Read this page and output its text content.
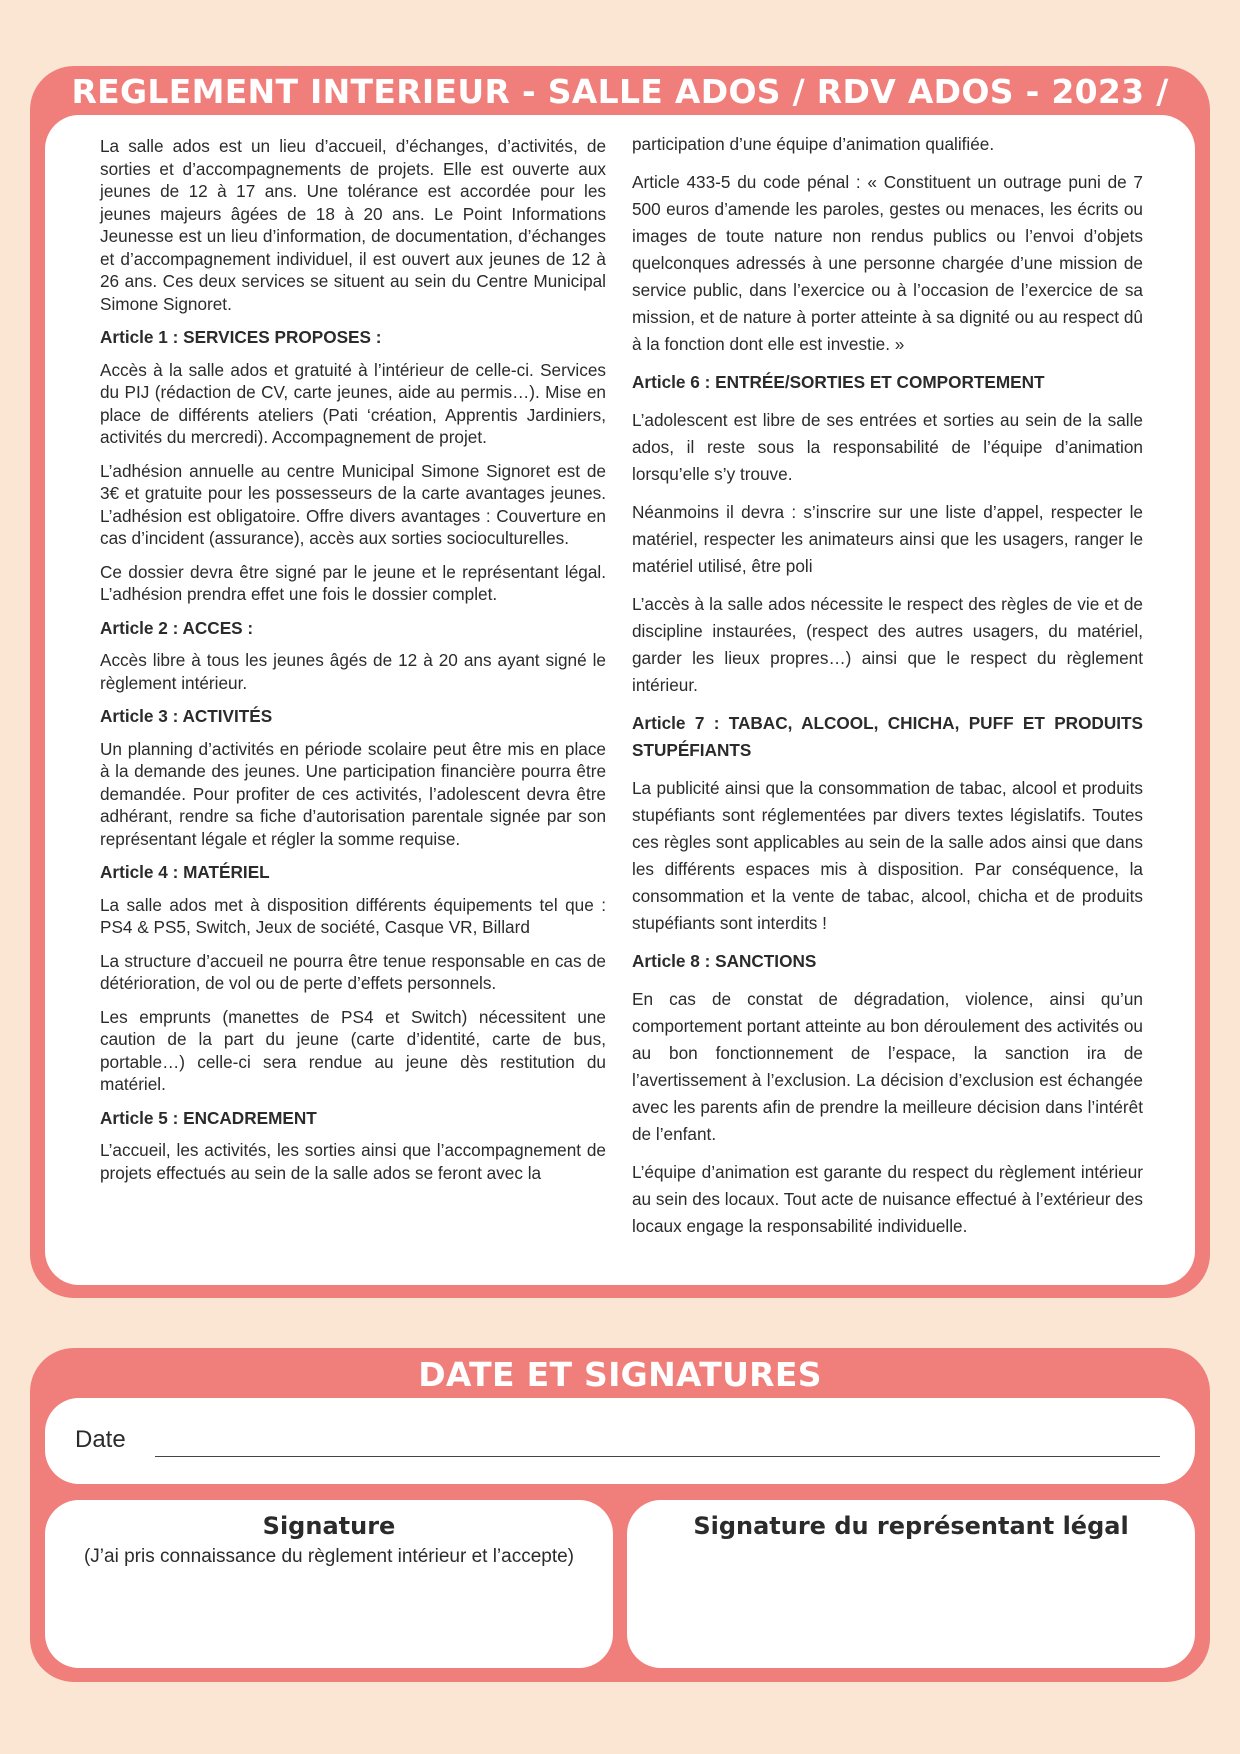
REGLEMENT INTERIEUR - SALLE ADOS / RDV ADOS - 2023 /

La salle ados est un lieu d’accueil, d’échanges, d’activités, de sorties et d’accompagnements de projets. Elle est ouverte aux jeunes de 12 à 17 ans. Une tolérance est accordée pour les jeunes majeurs âgées de 18 à 20 ans. Le Point Informations Jeunesse est un lieu d’information, de documentation, d’échanges et d’accompagnement individuel, il est ouvert aux jeunes de 12 à 26 ans. Ces deux services se situent au sein du Centre Municipal Simone Signoret.

Article 1 : SERVICES PROPOSES :

Accès à la salle ados et gratuité à l’intérieur de celle-ci. Services du PIJ (rédaction de CV, carte jeunes, aide au permis…). Mise en place de différents ateliers (Pati ‘création, Apprentis Jardiniers, activités du mercredi). Accompagnement de projet.

L’adhésion annuelle au centre Municipal Simone Signoret est de 3€ et gratuite pour les possesseurs de la carte avantages jeunes. L’adhésion est obligatoire. Offre divers avantages : Couverture en cas d’incident (assurance), accès aux sorties socioculturelles.

Ce dossier devra être signé par le jeune et le représentant légal. L’adhésion prendra effet une fois le dossier complet.

Article 2 : ACCES :

Accès libre à tous les jeunes âgés de 12 à 20 ans ayant signé le règlement intérieur.

Article 3 : ACTIVITÉS

Un planning d’activités en période scolaire peut être mis en place à la demande des jeunes. Une participation financière pourra être demandée. Pour profiter de ces activités, l’adolescent devra être adhérant, rendre sa fiche d’autorisation parentale signée par son représentant légale et régler la somme requise.

Article 4 : MATÉRIEL

La salle ados met à disposition différents équipements tel que : PS4 & PS5, Switch, Jeux de société, Casque VR, Billard

La structure d’accueil ne pourra être tenue responsable en cas de détérioration, de vol ou de perte d’effets personnels.

Les emprunts (manettes de PS4 et Switch) nécessitent une caution de la part du jeune (carte d’identité, carte de bus, portable…) celle-ci sera rendue au jeune dès restitution du matériel.

Article 5 : ENCADREMENT

L’accueil, les activités, les sorties ainsi que l’accompagnement de projets effectués au sein de la salle ados se feront avec la

participation d’une équipe d’animation qualifiée.

Article 433-5 du code pénal : « Constituent un outrage puni de 7 500 euros d’amende les paroles, gestes ou menaces, les écrits ou images de toute nature non rendus publics ou l’envoi d’objets quelconques adressés à une personne chargée d’une mission de service public, dans l’exercice ou à l’occasion de l’exercice de sa mission, et de nature à porter atteinte à sa dignité ou au respect dû à la fonction dont elle est investie. »

Article 6 : ENTRÉE/SORTIES ET COMPORTEMENT

L’adolescent est libre de ses entrées et sorties au sein de la salle ados, il reste sous la responsabilité de l’équipe d’animation lorsqu’elle s’y trouve.

Néanmoins il devra : s’inscrire sur une liste d’appel, respecter le matériel, respecter les animateurs ainsi que les usagers, ranger le matériel utilisé, être poli

L’accès à la salle ados nécessite le respect des règles de vie et de discipline instaurées, (respect des autres usagers, du matériel, garder les lieux propres…) ainsi que le respect du règlement intérieur.

Article 7 : TABAC, ALCOOL, CHICHA, PUFF ET PRODUITS STUPÉFIANTS

La publicité ainsi que la consommation de tabac, alcool et produits stupéfiants sont réglementées par divers textes législatifs. Toutes ces règles sont applicables au sein de la salle ados ainsi que dans les différents espaces mis à disposition. Par conséquence, la consommation et la vente de tabac, alcool, chicha et de produits stupéfiants sont interdits !

Article 8 : SANCTIONS

En cas de constat de dégradation, violence, ainsi qu’un comportement portant atteinte au bon déroulement des activités ou au bon fonctionnement de l’espace, la sanction ira de l’avertissement à l’exclusion. La décision d’exclusion est échangée avec les parents afin de prendre la meilleure décision dans l’intérêt de l’enfant.

L’équipe d’animation est garante du respect du règlement intérieur au sein des locaux. Tout acte de nuisance effectué à l’extérieur des locaux engage la responsabilité individuelle.

DATE ET SIGNATURES
Date
Signature
(J’ai pris connaissance du règlement intérieur et l’accepte)
Signature du représentant légal
